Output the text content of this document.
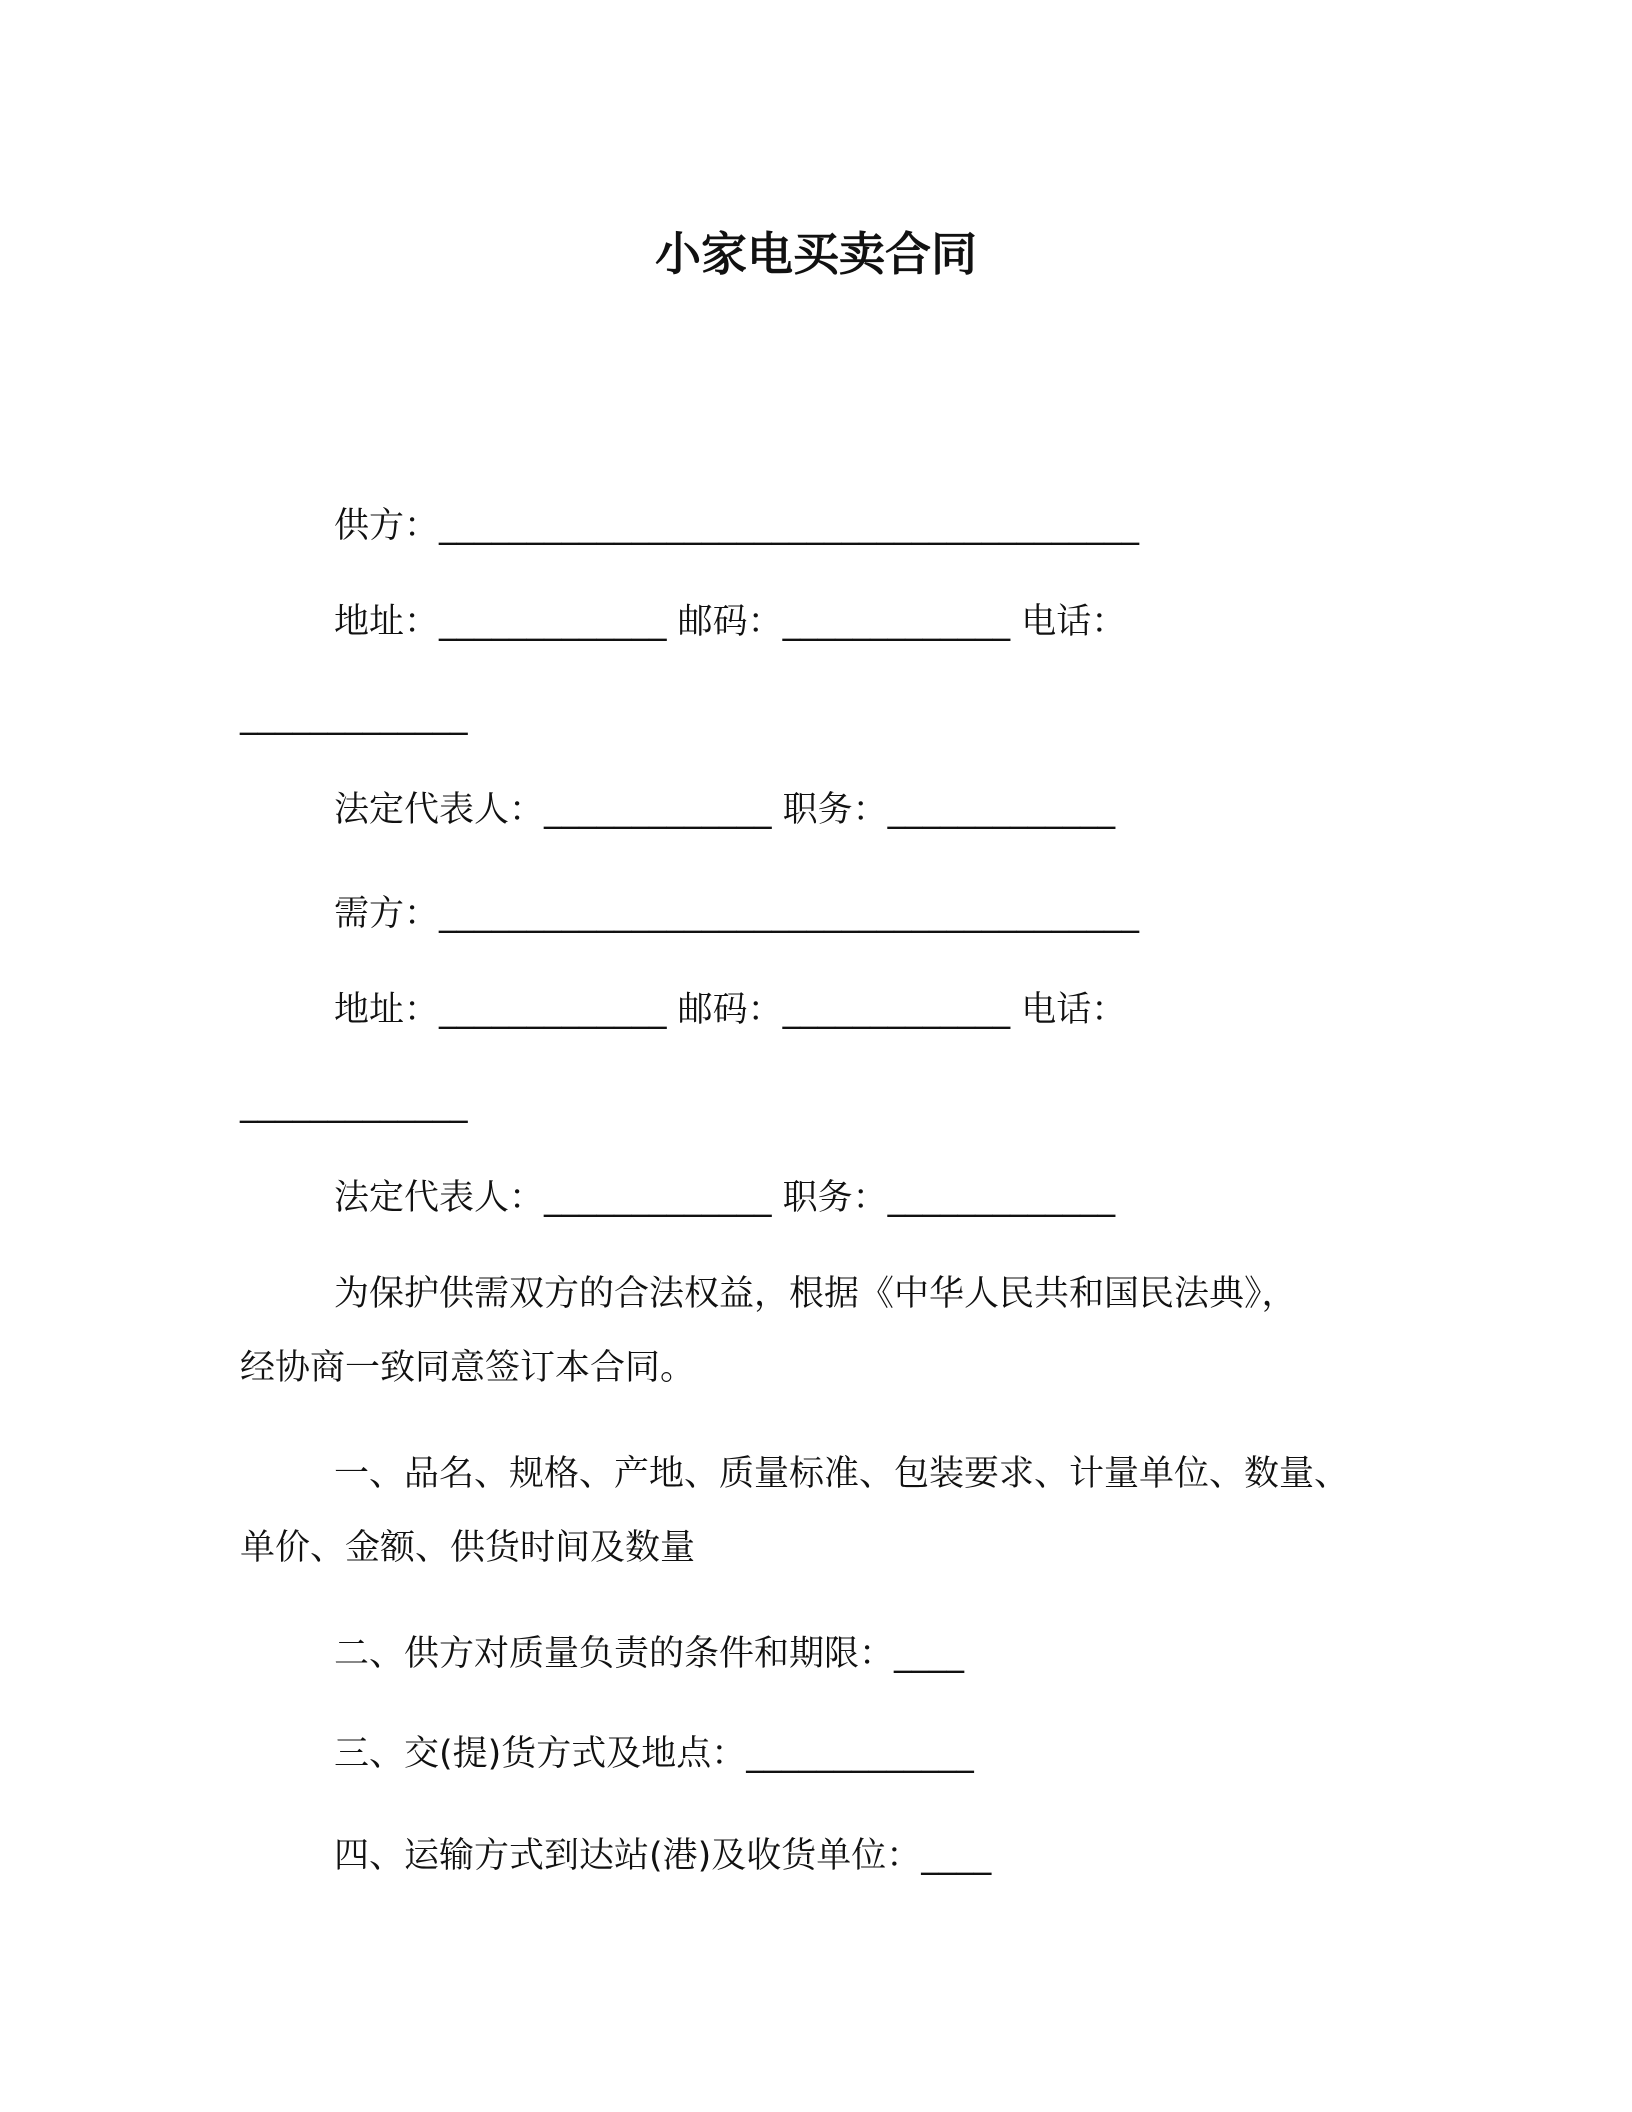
小家电买卖合同
供方：________________________________________
地址：_____________ 邮码：_____________ 电话：
_____________
法定代表人：_____________ 职务：_____________
需方：________________________________________
地址：_____________ 邮码：_____________ 电话：
_____________
法定代表人：_____________ 职务：_____________
为保护供需双方的合法权益，根据《中华人民共和国民法典》，
经协商一致同意签订本合同。
一、品名、规格、产地、质量标准、包装要求、计量单位、数量、
单价、金额、供货时间及数量
二、供方对质量负责的条件和期限：____
三、交(提)货方式及地点：_____________
四、运输方式到达站(港)及收货单位：____
